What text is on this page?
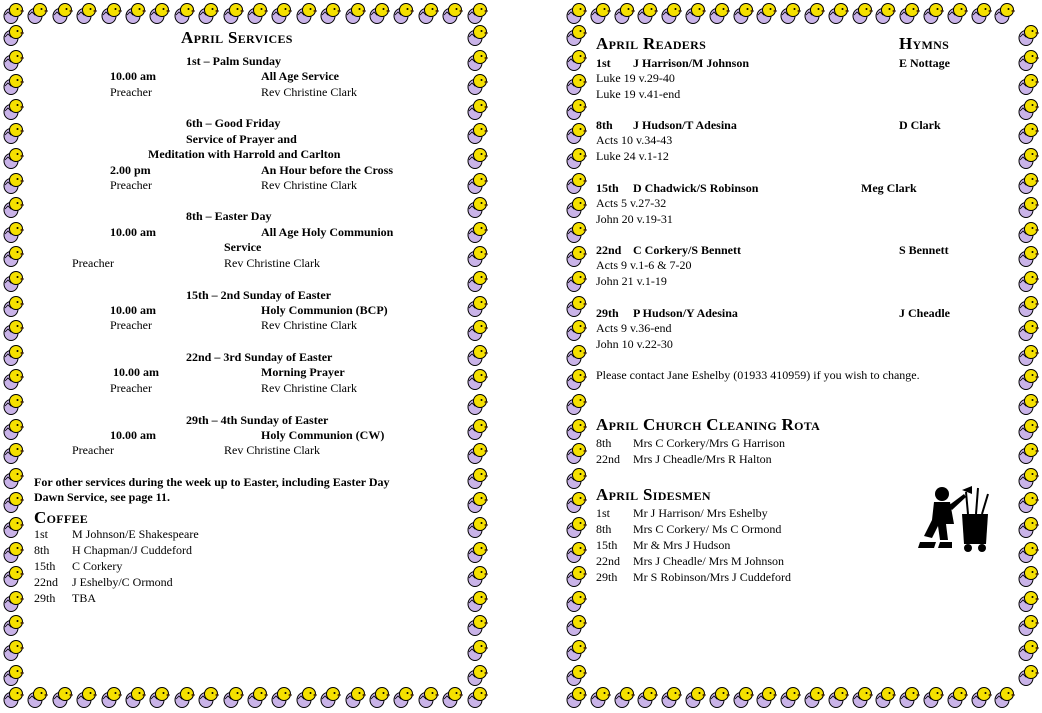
April Services
1st – Palm Sunday
10.00 am	All Age Service
Preacher	Rev Christine Clark
6th – Good Friday
Service of Prayer and
Meditation with Harrold and Carlton
2.00 pm	An Hour before the Cross
Preacher	Rev Christine Clark
8th – Easter Day
10.00 am	All Age Holy Communion
Service
Preacher	Rev Christine Clark
15th – 2nd Sunday of Easter
10.00 am	Holy Communion (BCP)
Preacher	Rev Christine Clark
22nd – 3rd Sunday of Easter
10.00 am	Morning Prayer
Preacher	Rev Christine Clark
29th – 4th Sunday of Easter
10.00 am	Holy Communion (CW)
Preacher	Rev Christine Clark
For other services during the week up to Easter, including Easter Day
Dawn Service, see page 11.
Coffee
1st M Johnson/E Shakespeare
8th H Chapman/J Cuddeford
15th C Corkery
22nd J Eshelby/C Ormond
29th TBA
April Readers	Hymns
1st J Harrison/M Johnson	E Nottage
Luke 19 v.29-40
Luke 19 v.41-end
8th J Hudson/T Adesina	D Clark
Acts 10 v.34-43
Luke 24 v.1-12
15th D Chadwick/S Robinson	Meg Clark
Acts 5 v.27-32
John 20 v.19-31
22nd C Corkery/S Bennett	S Bennett
Acts 9 v.1-6 & 7-20
John 21 v.1-19
29th P Hudson/Y Adesina	J Cheadle
Acts 9 v.36-end
John 10 v.22-30
Please contact Jane Eshelby (01933 410959) if you wish to change.
April Church Cleaning Rota
8th Mrs C Corkery/Mrs G Harrison
22nd Mrs J Cheadle/Mrs R Halton
April Sidesmen
1st Mr J Harrison/ Mrs Eshelby
8th Mrs C Corkery/ Ms C Ormond
15th Mr & Mrs J Hudson
22nd Mrs J Cheadle/ Mrs M Johnson
29th Mr S Robinson/Mrs J Cuddeford
